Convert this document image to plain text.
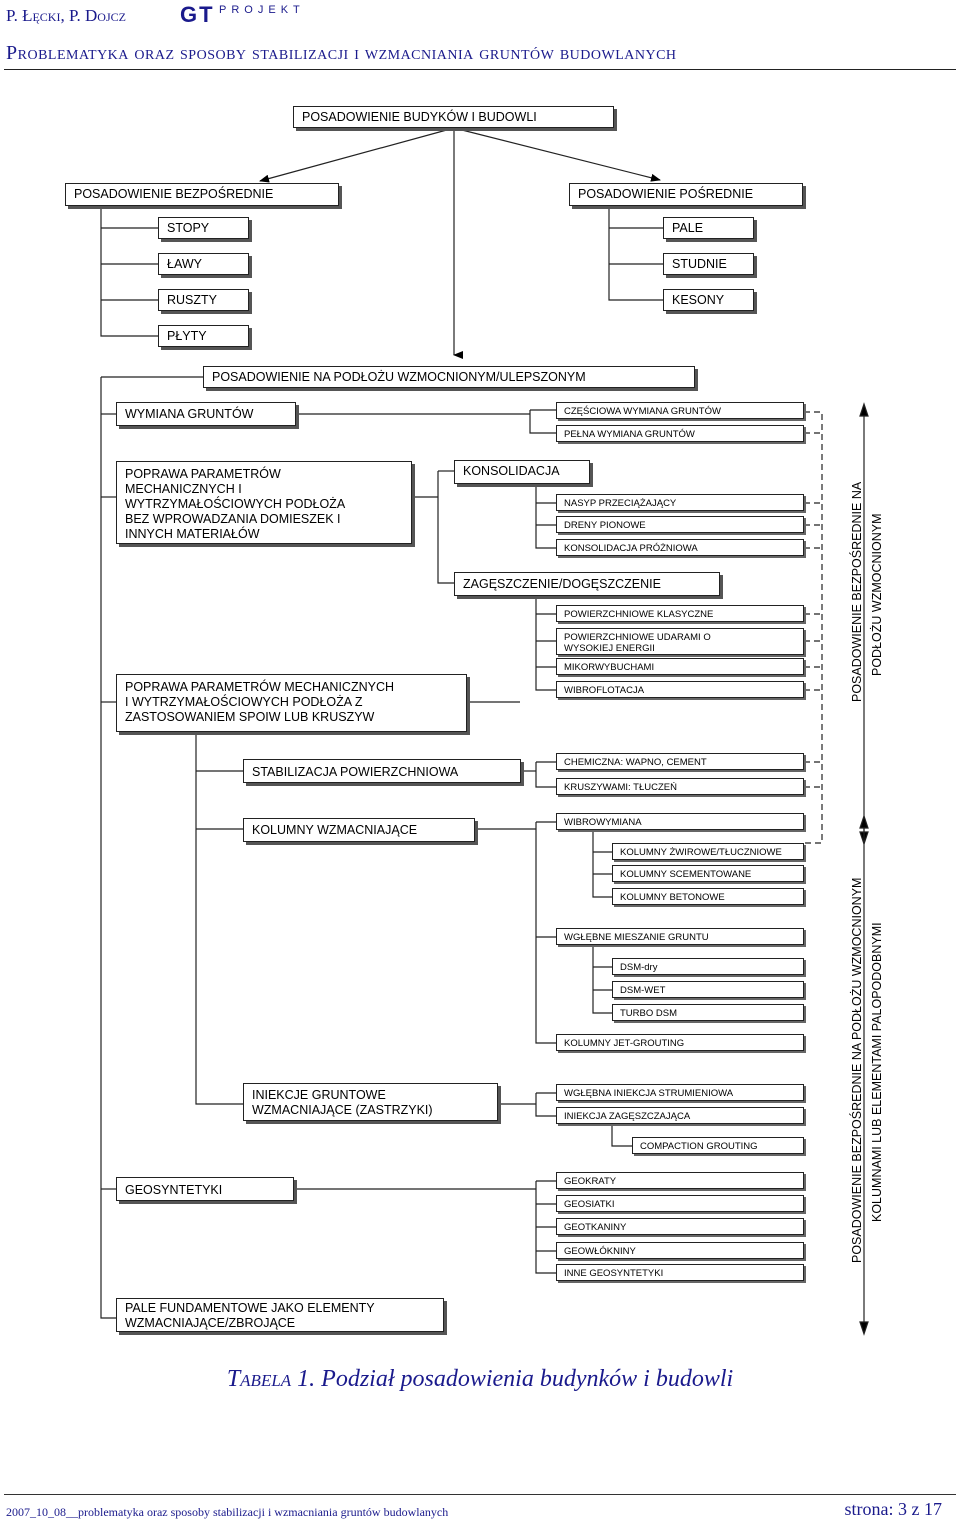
P. Łęcki, P. Dojcz GT $^{PROJEKT}$
Problematyka oraz sposoby stabilizacji i wzmacniania gruntów budowlanych
POSADOWIENIE BUDYKÓW I BUDOWLI
POSADOWIENIE BEZPOŚREDNIE	POSADOWIENIE POŚREDNIE
STOPY
ŁAWY
RUSZTY
PŁYTY
PALE
STUDNIE
KESONY
POSADOWIENIE NA PODŁOŻU WZMOCNIONYM/ULEPSZONYM
WYMIANA GRUNTÓW	CZĘŚCIOWA WYMIANA GRUNTÓW
PEŁNA WYMIANA GRUNTÓW
POPRAWA PARAMETRÓW
MECHANICZNYCH I
WYTRZYMAŁOŚCIOWYCH PODŁOŻA
BEZ WPROWADZANIA DOMIESZEK I
INNYCH MATERIAŁÓW
KONSOLIDACJA
NASYP PRZECIĄŻAJĄCY
DRENY PIONOWE
KONSOLIDACJA PRÓŻNIOWA
ZAGĘSZCZENIE/DOGĘSZCZENIE
POWIERZCHNIOWE KLASYCZNE
POWIERZCHNIOWE UDARAMI O
WYSOKIEJ ENERGII
MIKORWYBUCHAMI
WIBROFLOTACJA
POPRAWA PARAMETRÓW MECHANICZNYCH
I WYTRZYMAŁOŚCIOWYCH PODŁOŻA Z
ZASTOSOWANIEM SPOIW LUB KRUSZYW
STABILIZACJA POWIERZCHNIOWA
CHEMICZNA: WAPNO, CEMENT
KRUSZYWAMI: TŁUCZEŃ
KOLUMNY WZMACNIAJĄCE
WIBROWYMIANA
KOLUMNY ŻWIROWE/TŁUCZNIOWE
KOLUMNY SCEMENTOWANE
KOLUMNY BETONOWE
WGŁĘBNE MIESZANIE GRUNTU
DSM-dry
DSM-WET
TURBO DSM
KOLUMNY JET-GROUTING
INIEKCJE GRUNTOWE
WZMACNIAJĄCE (ZASTRZYKI)
WGŁĘBNA INIEKCJA STRUMIENIOWA
INIEKCJA ZAGĘSZCZAJĄCA
COMPACTION GROUTING
GEOSYNTETYKI
GEOKRATY
GEOSIATKI
GEOTKANINY
GEOWŁÓKNINY
INNE GEOSYNTETYKI
PALE FUNDAMENTOWE JAKO ELEMENTY
WZMACNIAJĄCE/ZBROJĄCE
POSADOWIENIE BEZPOŚREDNIE NA PODŁOŻU WZMOCNIONYM
POSADOWIENIE BEZPOŚREDNIE NA PODŁOŻU WZMOCNIONYM KOLUMNAMI LUB ELEMENTAMI PALOPODOBNYMI
Tabela 1. Podział posadowienia budynków i budowli
2007_10_08__problematyka oraz sposoby stabilizacji i wzmacniania gruntów budowlanych	strona: 3 z 17
